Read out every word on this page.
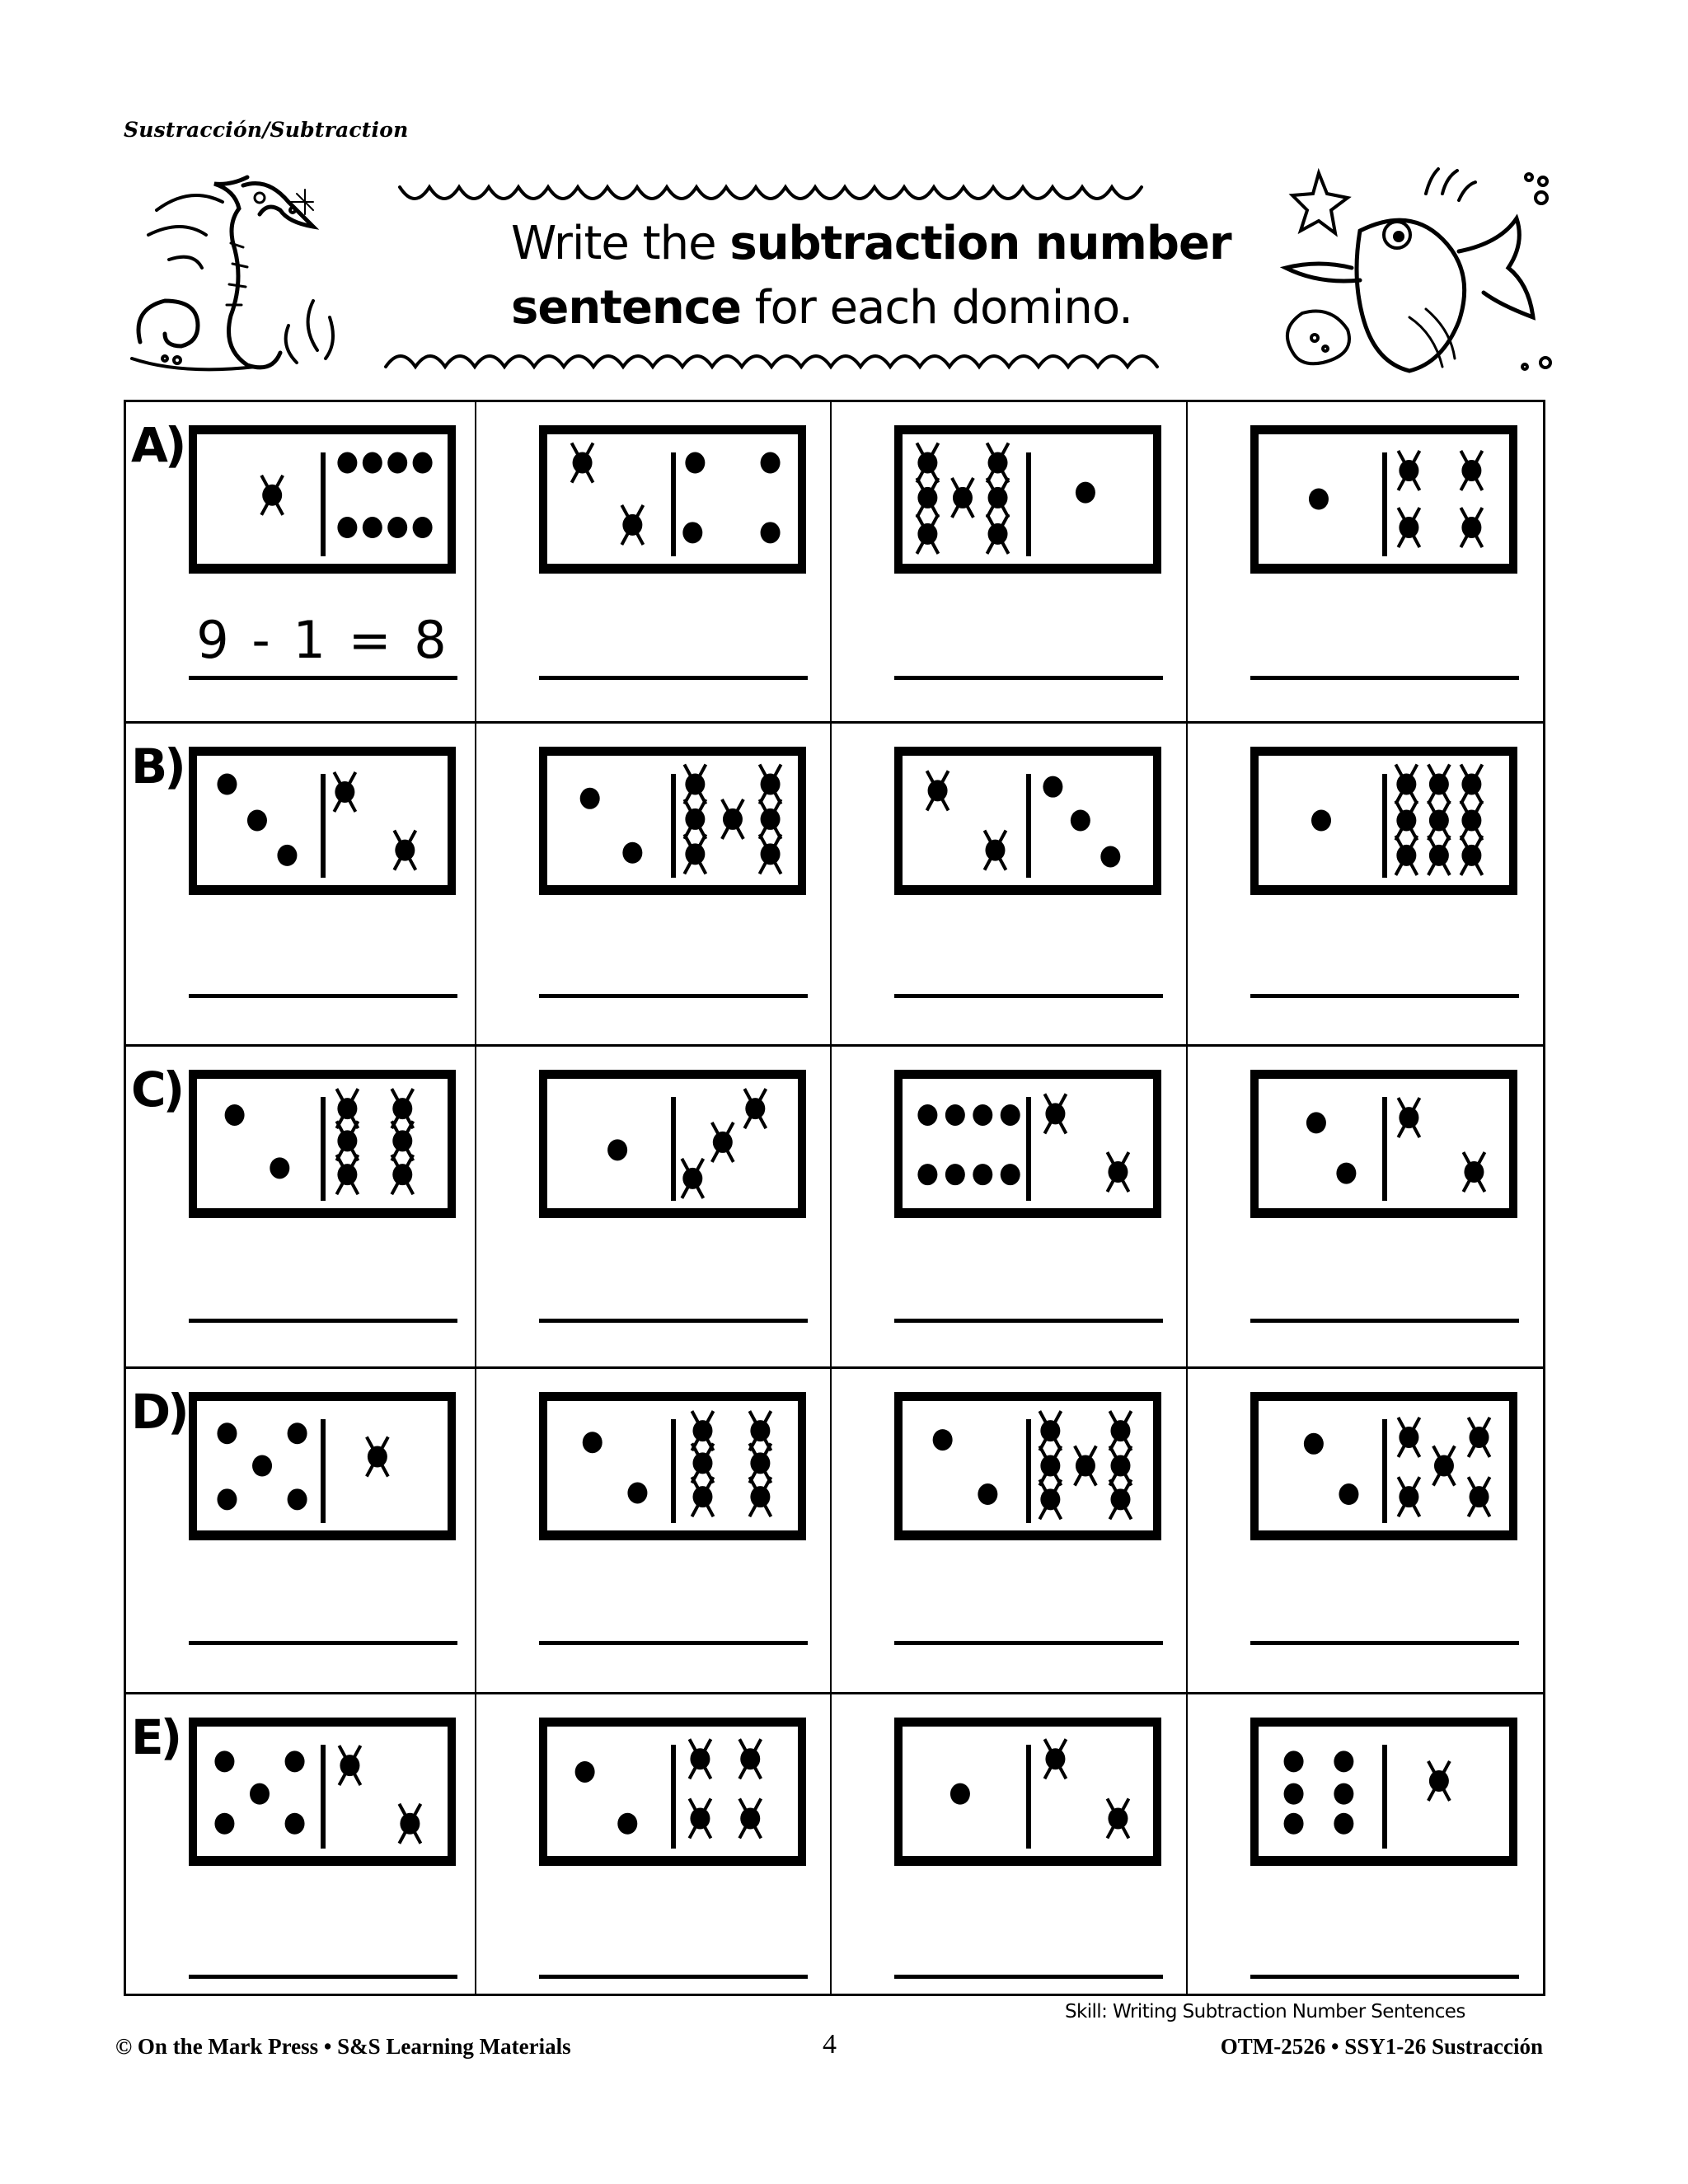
Sustracción/Subtraction
Write the subtraction number
sentence for each domino.
A)
9 - 1 = 8
B)
C)
D)
E)
Skill: Writing Subtraction Number Sentences
© On the Mark Press • S&S Learning Materials	4	OTM-2526 • SSY1-26 Sustracción
